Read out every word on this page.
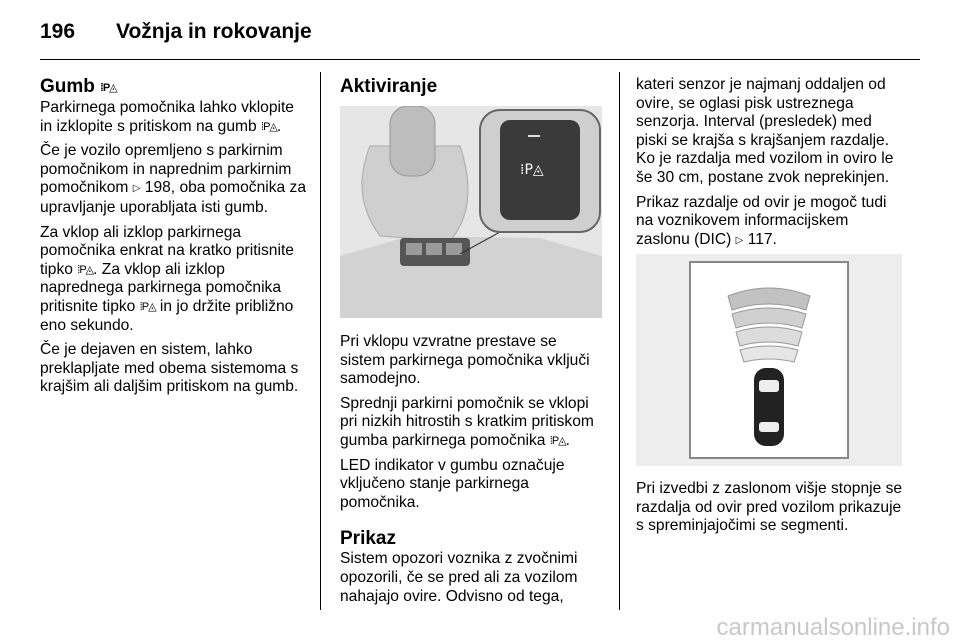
196 Vožnja in rokovanje
Gumb ⁞P◬

Parkirnega pomočnika lahko vklopite in izklopite s pritiskom na gumb ⁞P◬.

Če je vozilo opremljeno s parkirnim pomočnikom in naprednim parkirnim pomočnikom ▷ 198, oba pomočnika za upravljanje uporabljata isti gumb.

Za vklop ali izklop parkirnega pomočnika enkrat na kratko pritisnite tipko ⁞P◬. Za vklop ali izklop naprednega parkirnega pomočnika pritisnite tipko ⁞P◬ in jo držite približno eno sekundo.

Če je dejaven en sistem, lahko preklapljate med obema sistemoma s krajšim ali daljšim pritiskom na gumb.

Aktiviranje
⁞P◬

Pri vklopu vzvratne prestave se sistem parkirnega pomočnika vključi samodejno.

Sprednji parkirni pomočnik se vklopi pri nizkih hitrostih s kratkim pritiskom gumba parkirnega pomočnika ⁞P◬.

LED indikator v gumbu označuje vključeno stanje parkirnega pomočnika.

Prikaz

Sistem opozori voznika z zvočnimi opozorili, če se pred ali za vozilom nahajajo ovire. Odvisno od tega,

kateri senzor je najmanj oddaljen od ovire, se oglasi pisk ustreznega senzorja. Interval (presledek) med piski se krajša s krajšanjem razdalje. Ko je razdalja med vozilom in oviro le še 30 cm, postane zvok neprekinjen.

Prikaz razdalje od ovir je mogoč tudi na voznikovem informacijskem zaslonu (DIC) ▷ 117.

Pri izvedbi z zaslonom višje stopnje se razdalja od ovir pred vozilom prikazuje s spreminjajočimi se segmenti.

carmanualsonline.info
